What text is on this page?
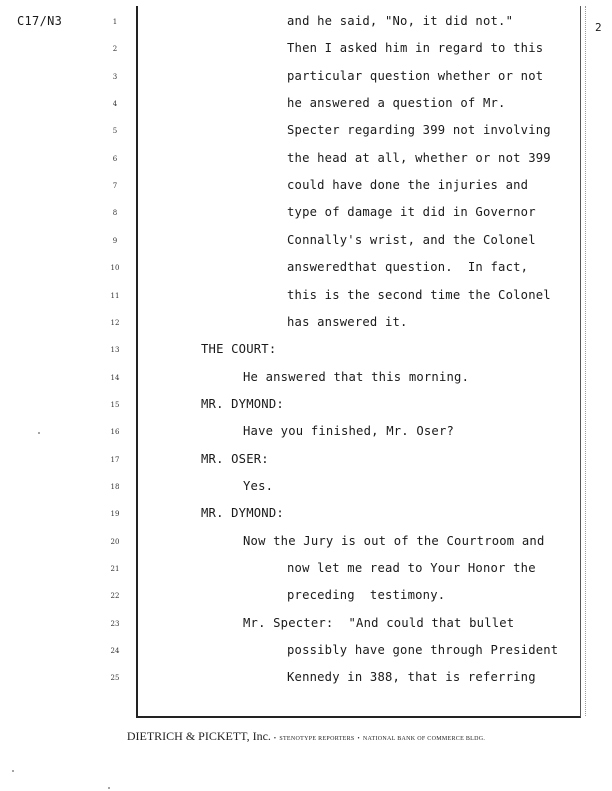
C17/N3	2
1	and he said, "No, it did not."
2	Then I asked him in regard to this
3	particular question whether or not
4	he answered a question of Mr.
5	Specter regarding 399 not involving
6	the head at all, whether or not 399
7	could have done the injuries and
8	type of damage it did in Governor
9	Connally's wrist, and the Colonel
10	answeredthat question.  In fact,
11	this is the second time the Colonel
12	has answered it.
13	THE COURT:
14	He answered that this morning.
15	MR. DYMOND:
16	Have you finished, Mr. Oser?
17	MR. OSER:
18	Yes.
19	MR. DYMOND:
20	Now the Jury is out of the Courtroom and
21	now let me read to Your Honor the
22	preceding  testimony.
23	Mr. Specter:  "And could that bullet
24	possibly have gone through President
25	Kennedy in 388, that is referring
DIETRICH & PICKETT, Inc. • STENOTYPE REPORTERS • NATIONAL BANK OF COMMERCE BLDG.
